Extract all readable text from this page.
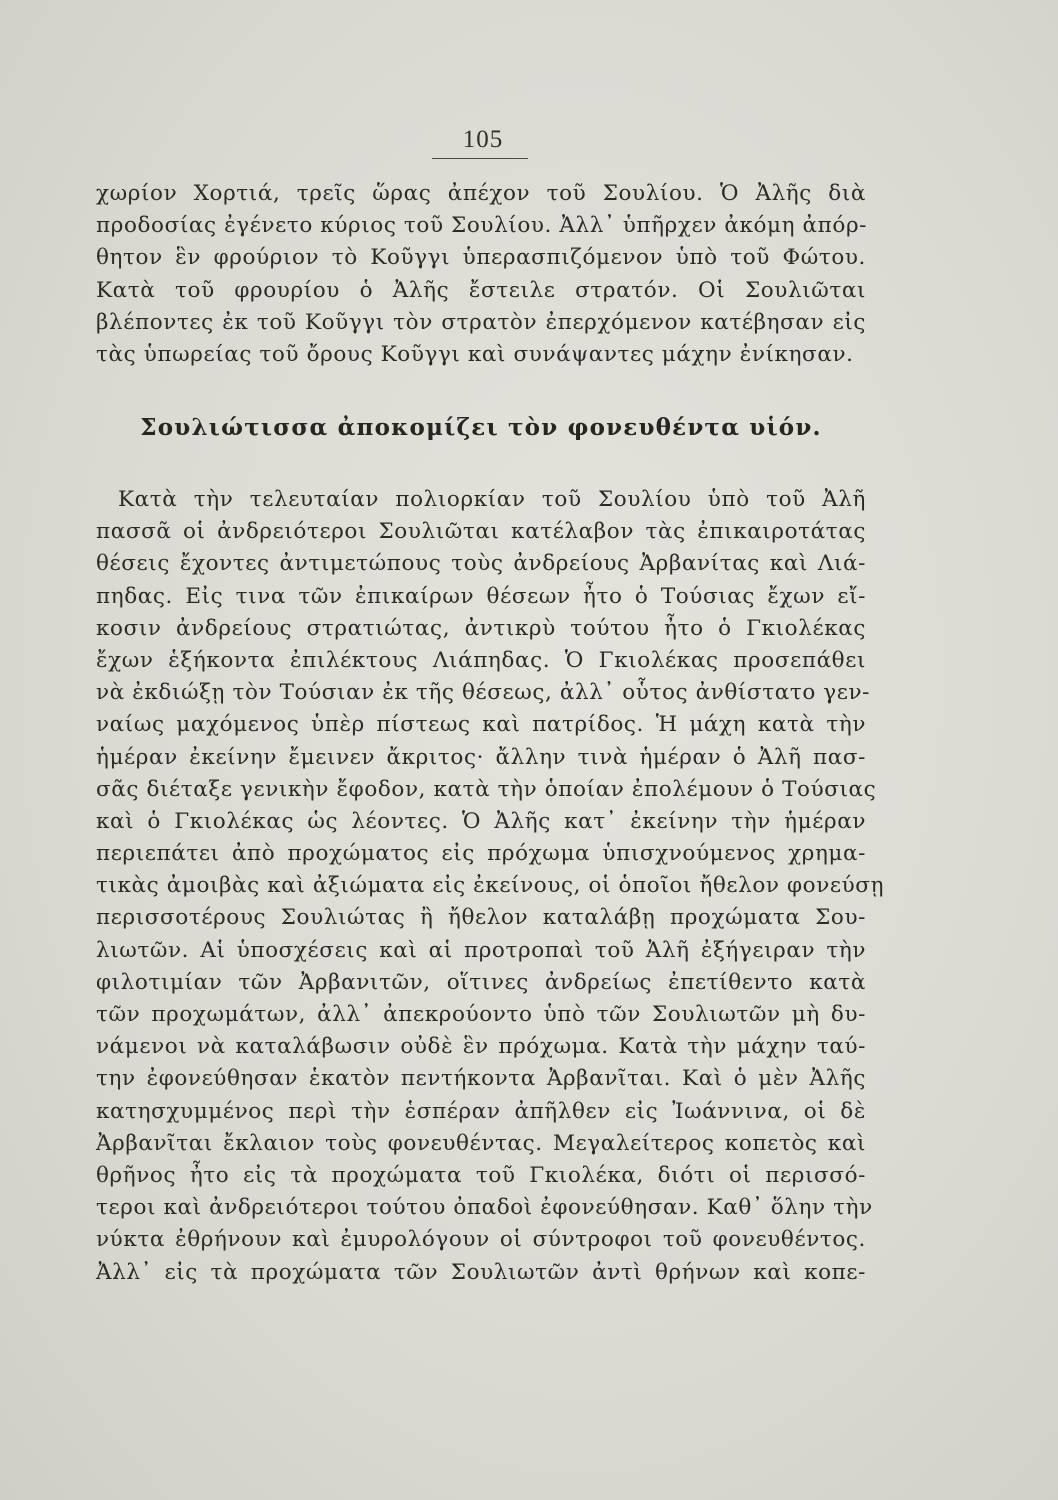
105

χωρίον Χορτιά, τρεῖς ὥρας ἀπέχον τοῦ Σουλίου. Ὁ Ἀλῆς διὰ
προδοσίας ἐγένετο κύριος τοῦ Σουλίου. Ἀλλ᾽ ὑπῆρχεν ἀκόμη ἀπόρ-
θητον ἓν φρούριον τὸ Κοῦγγι ὑπερασπιζόμενον ὑπὸ τοῦ Φώτου.
Κατὰ τοῦ φρουρίου ὁ Ἀλῆς ἔστειλε στρατόν. Οἱ Σουλιῶται
βλέποντες ἐκ τοῦ Κοῦγγι τὸν στρατὸν ἐπερχόμενον κατέβησαν εἰς
τὰς ὑπωρείας τοῦ ὄρους Κοῦγγι καὶ συνάψαντες μάχην ἐνίκησαν.

Σουλιώτισσα ἀποκομίζει τὸν φονευθέντα υἱόν.

Κατὰ τὴν τελευταίαν πολιορκίαν τοῦ Σουλίου ὑπὸ τοῦ Ἀλῆ
πασσᾶ οἱ ἀνδρειότεροι Σουλιῶται κατέλαβον τὰς ἐπικαιροτάτας
θέσεις ἔχοντες ἀντιμετώπους τοὺς ἀνδρείους Ἀρβανίτας καὶ Λιά-
πηδας. Εἰς τινα τῶν ἐπικαίρων θέσεων ἦτο ὁ Τούσιας ἔχων εἴ-
κοσιν ἀνδρείους στρατιώτας, ἀντικρὺ τούτου ἦτο ὁ Γκιολέκας
ἔχων ἑξήκοντα ἐπιλέκτους Λιάπηδας. Ὁ Γκιολέκας προσεπάθει
νὰ ἐκδιώξῃ τὸν Τούσιαν ἐκ τῆς θέσεως, ἀλλ᾽ οὗτος ἀνθίστατο γεν-
ναίως μαχόμενος ὑπὲρ πίστεως καὶ πατρίδος. Ἡ μάχη κατὰ τὴν
ἡμέραν ἐκείνην ἔμεινεν ἄκριτος· ἄλλην τινὰ ἡμέραν ὁ Ἀλῆ πασ-
σᾶς διέταξε γενικὴν ἔφοδον, κατὰ τὴν ὁποίαν ἐπολέμουν ὁ Τούσιας
καὶ ὁ Γκιολέκας ὡς λέοντες. Ὁ Ἀλῆς κατ᾽ ἐκείνην τὴν ἡμέραν
περιεπάτει ἀπὸ προχώματος εἰς πρόχωμα ὑπισχνούμενος χρημα-
τικὰς ἀμοιβὰς καὶ ἀξιώματα εἰς ἐκείνους, οἱ ὁποῖοι ἤθελον φονεύσῃ
περισσοτέρους Σουλιώτας ἢ ἤθελον καταλάβῃ προχώματα Σου-
λιωτῶν. Αἱ ὑποσχέσεις καὶ αἱ προτροπαὶ τοῦ Ἀλῆ ἐξήγειραν τὴν
φιλοτιμίαν τῶν Ἀρβανιτῶν, οἵτινες ἀνδρείως ἐπετίθεντο κατὰ
τῶν προχωμάτων, ἀλλ᾽ ἀπεκρούοντο ὑπὸ τῶν Σουλιωτῶν μὴ δυ-
νάμενοι νὰ καταλάβωσιν οὐδὲ ἓν πρόχωμα. Κατὰ τὴν μάχην ταύ-
την ἐφονεύθησαν ἑκατὸν πεντήκοντα Ἀρβανῖται. Καὶ ὁ μὲν Ἀλῆς
κατησχυμμένος περὶ τὴν ἑσπέραν ἀπῆλθεν εἰς Ἰωάννινα, οἱ δὲ
Ἀρβανῖται ἔκλαιον τοὺς φονευθέντας. Μεγαλείτερος κοπετὸς καὶ
θρῆνος ἦτο εἰς τὰ προχώματα τοῦ Γκιολέκα, διότι οἱ περισσό-
τεροι καὶ ἀνδρειότεροι τούτου ὀπαδοὶ ἐφονεύθησαν. Καθ᾽ ὅλην τὴν
νύκτα ἐθρήνουν καὶ ἐμυρολόγουν οἱ σύντροφοι τοῦ φονευθέντος.
Ἀλλ᾽ εἰς τὰ προχώματα τῶν Σουλιωτῶν ἀντὶ θρήνων καὶ κοπε-
